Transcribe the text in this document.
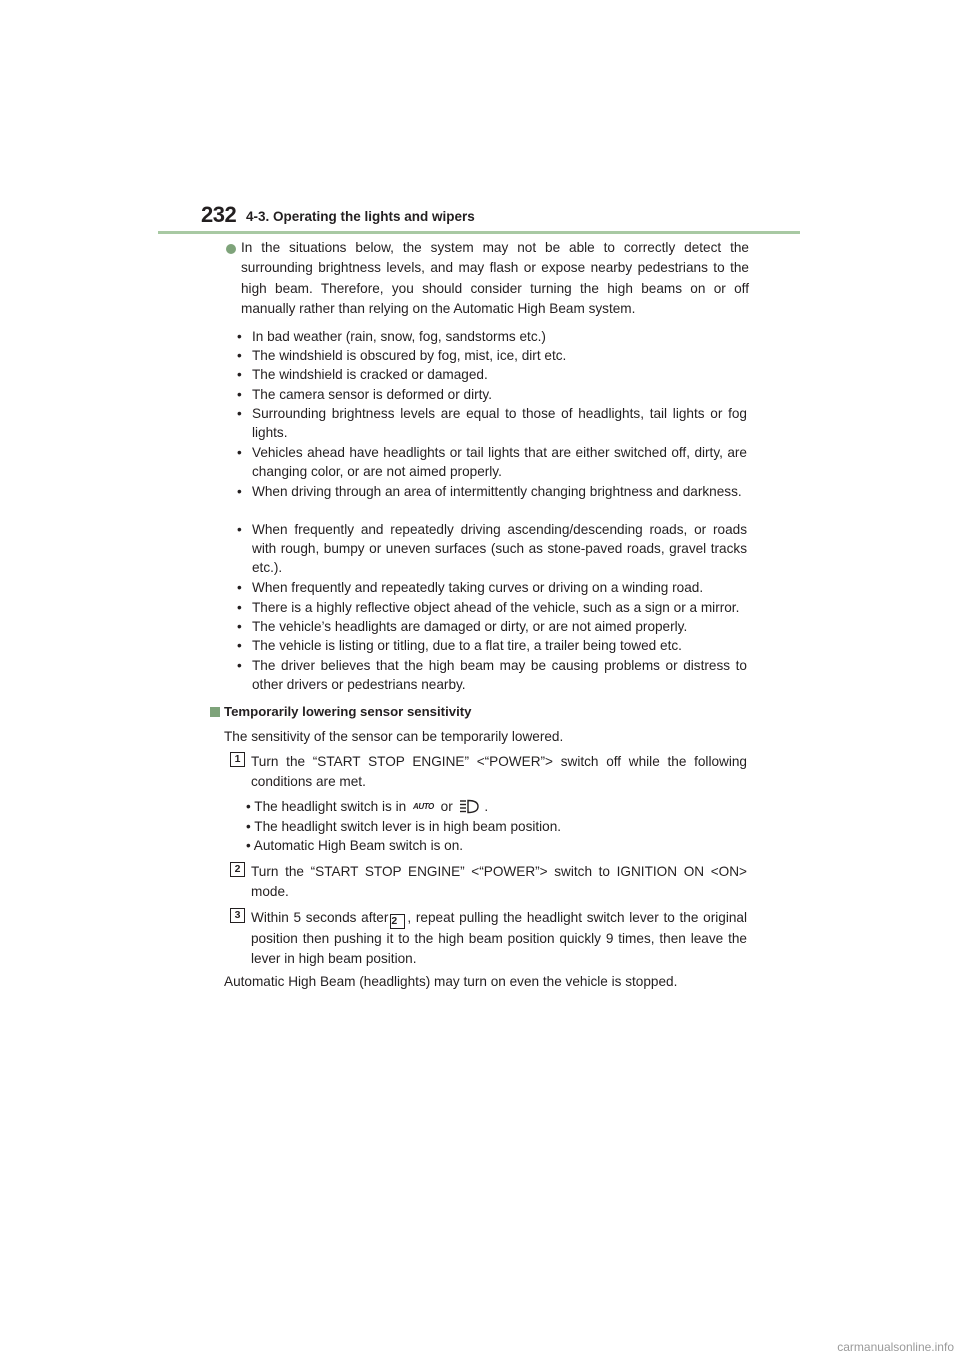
232 4-3. Operating the lights and wipers
In the situations below, the system may not be able to correctly detect the surrounding brightness levels, and may flash or expose nearby pedestrians to the high beam. Therefore, you should consider turning the high beams on or off manually rather than relying on the Automatic High Beam system.
• In bad weather (rain, snow, fog, sandstorms etc.)
• The windshield is obscured by fog, mist, ice, dirt etc.
• The windshield is cracked or damaged.
• The camera sensor is deformed or dirty.
• Surrounding brightness levels are equal to those of headlights, tail lights or fog lights.
• Vehicles ahead have headlights or tail lights that are either switched off, dirty, are changing color, or are not aimed properly.
• When driving through an area of intermittently changing brightness and darkness.
• When frequently and repeatedly driving ascending/descending roads, or roads with rough, bumpy or uneven surfaces (such as stone-paved roads, gravel tracks etc.).
• When frequently and repeatedly taking curves or driving on a winding road.
• There is a highly reflective object ahead of the vehicle, such as a sign or a mirror.
• The vehicle’s headlights are damaged or dirty, or are not aimed properly.
• The vehicle is listing or titling, due to a flat tire, a trailer being towed etc.
• The driver believes that the high beam may be causing problems or distress to other drivers or pedestrians nearby.
Temporarily lowering sensor sensitivity
The sensitivity of the sensor can be temporarily lowered.
1 Turn the “START STOP ENGINE” <“POWER”> switch off while the following conditions are met.
• The headlight switch is in AUTO or .
• The headlight switch lever is in high beam position.
• Automatic High Beam switch is on.
2 Turn the “START STOP ENGINE” <“POWER”> switch to IGNITION ON <ON> mode.
3 Within 5 seconds after 2 , repeat pulling the headlight switch lever to the original position then pushing it to the high beam position quickly 9 times, then leave the lever in high beam position.
Automatic High Beam (headlights) may turn on even the vehicle is stopped.
carmanualsonline.info
